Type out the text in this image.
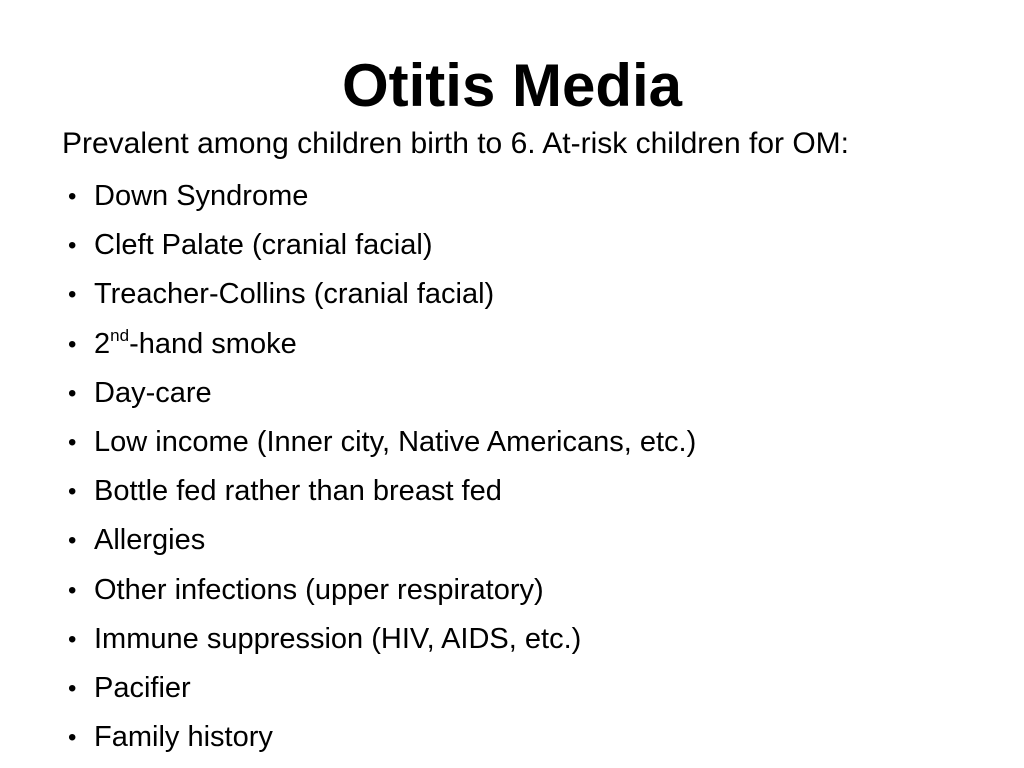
Otitis Media

Prevalent among children birth to 6. At-risk children for OM:

• Down Syndrome
• Cleft Palate (cranial facial)
• Treacher-Collins (cranial facial)
• 2nd-hand smoke
• Day-care
• Low income (Inner city, Native Americans, etc.)
• Bottle fed rather than breast fed
• Allergies
• Other infections (upper respiratory)
• Immune suppression (HIV, AIDS, etc.)
• Pacifier
• Family history
